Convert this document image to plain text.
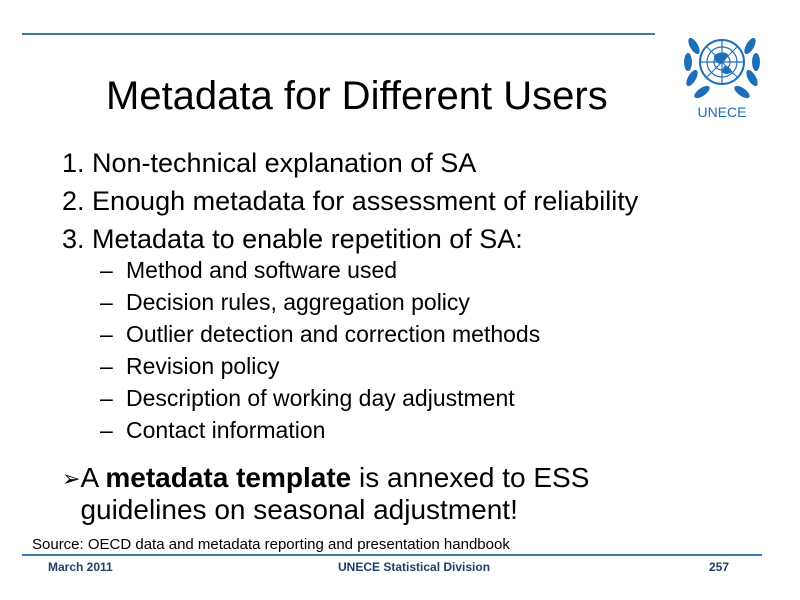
UNECE
Metadata for Different Users
1. Non-technical explanation of SA
2. Enough metadata for assessment of reliability
3. Metadata to enable repetition of SA:
– Method and software used
– Decision rules, aggregation policy
– Outlier detection and correction methods
– Revision policy
– Description of working day adjustment
– Contact information
➢ A metadata template is annexed to ESS guidelines on seasonal adjustment!
Source: OECD data and metadata reporting and presentation handbook
March 2011	UNECE Statistical Division	257
